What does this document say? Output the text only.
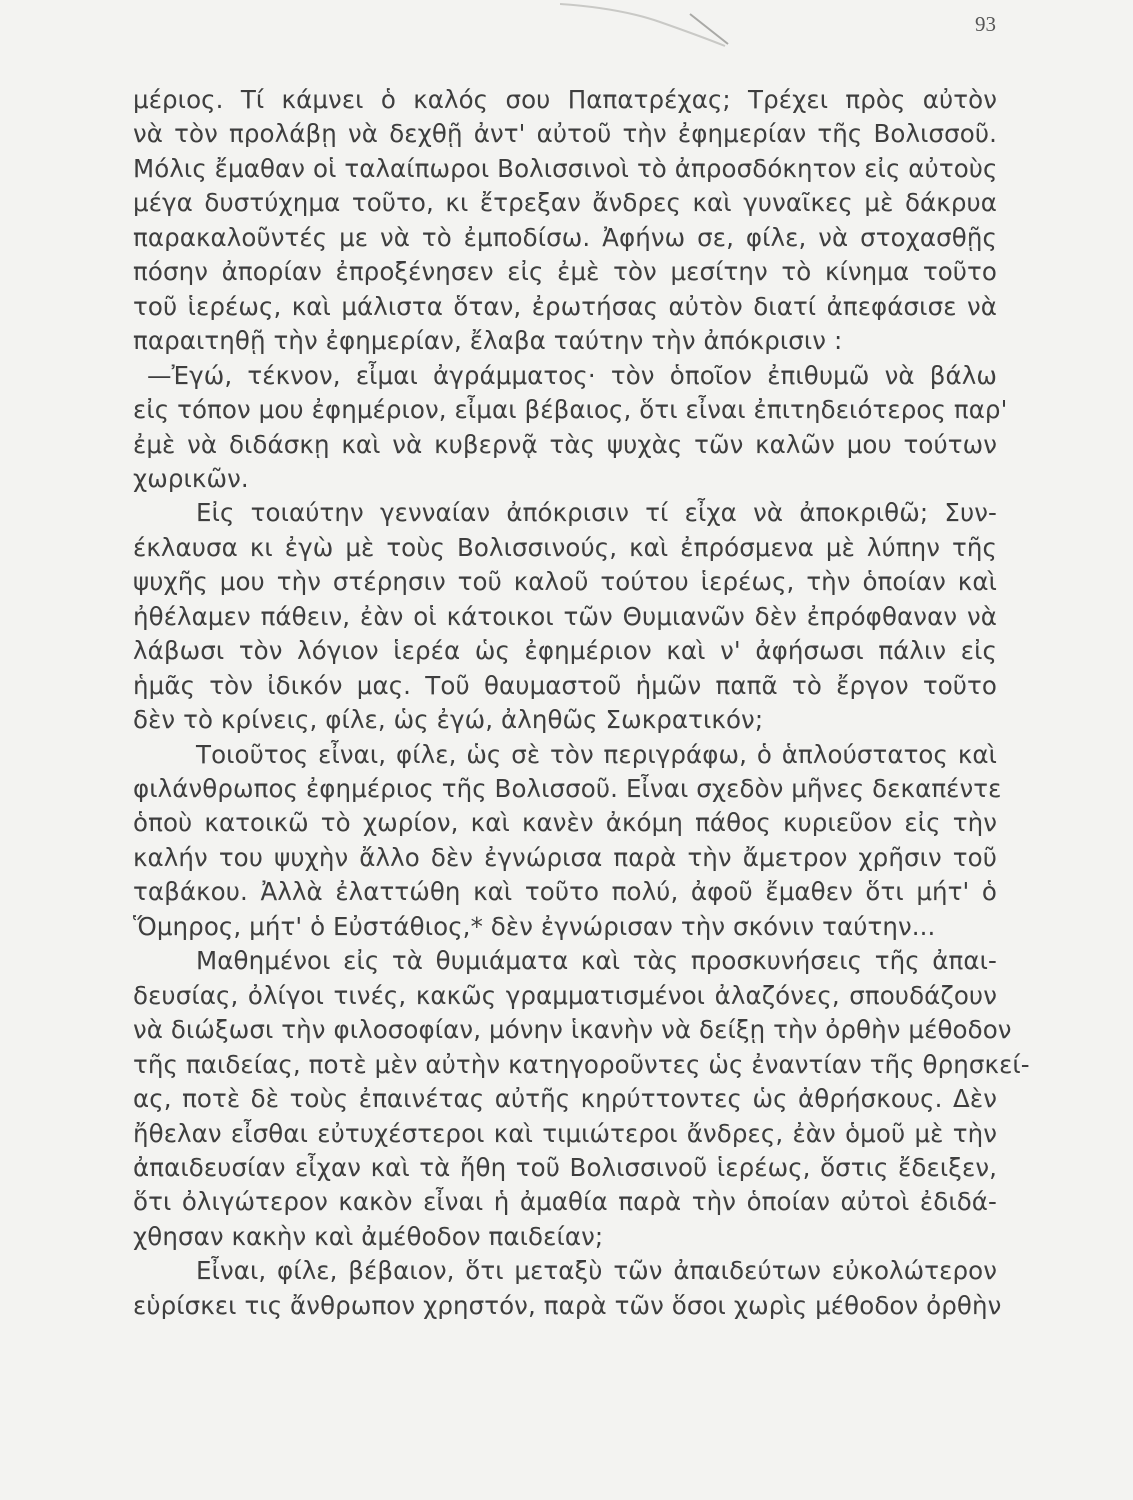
93
μέριος. Τί κάμνει ὁ καλός σου Παπατρέχας; Τρέχει πρὸς αὐτὸν
νὰ τὸν προλάβῃ νὰ δεχθῇ ἀντ' αὐτοῦ τὴν ἐφημερίαν τῆς Βολισσοῦ.
Μόλις ἔμαθαν οἱ ταλαίπωροι Βολισσινοὶ τὸ ἀπροσδόκητον εἰς αὐτοὺς
μέγα δυστύχημα τοῦτο, κι ἔτρεξαν ἄνδρες καὶ γυναῖκες μὲ δάκρυα
παρακαλοῦντές με νὰ τὸ ἐμποδίσω. Ἀφήνω σε, φίλε, νὰ στοχασθῇς
πόσην ἀπορίαν ἐπροξένησεν εἰς ἐμὲ τὸν μεσίτην τὸ κίνημα τοῦτο
τοῦ ἱερέως, καὶ μάλιστα ὅταν, ἐρωτήσας αὐτὸν διατί ἀπεφάσισε νὰ
παραιτηθῇ τὴν ἐφημερίαν, ἔλαβα ταύτην τὴν ἀπόκρισιν :
—Ἐγώ, τέκνον, εἶμαι ἀγράμματος· τὸν ὁποῖον ἐπιθυμῶ νὰ βάλω
εἰς τόπον μου ἐφημέριον, εἶμαι βέβαιος, ὅτι εἶναι ἐπιτηδειότερος παρ'
ἐμὲ νὰ διδάσκῃ καὶ νὰ κυβερνᾷ τὰς ψυχὰς τῶν καλῶν μου τούτων
χωρικῶν.
Εἰς τοιαύτην γενναίαν ἀπόκρισιν τί εἶχα νὰ ἀποκριθῶ; Συν-
έκλαυσα κι ἐγὼ μὲ τοὺς Βολισσινούς, καὶ ἐπρόσμενα μὲ λύπην τῆς
ψυχῆς μου τὴν στέρησιν τοῦ καλοῦ τούτου ἱερέως, τὴν ὁποίαν καὶ
ἠθέλαμεν πάθειν, ἐὰν οἱ κάτοικοι τῶν Θυμιανῶν δὲν ἐπρόφθαναν νὰ
λάβωσι τὸν λόγιον ἱερέα ὡς ἐφημέριον καὶ ν' ἀφήσωσι πάλιν εἰς
ἡμᾶς τὸν ἰδικόν μας. Τοῦ θαυμαστοῦ ἡμῶν παπᾶ τὸ ἔργον τοῦτο
δὲν τὸ κρίνεις, φίλε, ὡς ἐγώ, ἀληθῶς Σωκρατικόν;
Τοιοῦτος εἶναι, φίλε, ὡς σὲ τὸν περιγράφω, ὁ ἁπλούστατος καὶ
φιλάνθρωπος ἐφημέριος τῆς Βολισσοῦ. Εἶναι σχεδὸν μῆνες δεκαπέντε
ὁποὺ κατοικῶ τὸ χωρίον, καὶ κανὲν ἀκόμη πάθος κυριεῦον εἰς τὴν
καλήν του ψυχὴν ἄλλο δὲν ἐγνώρισα παρὰ τὴν ἄμετρον χρῆσιν τοῦ
ταβάκου. Ἀλλὰ ἐλαττώθη καὶ τοῦτο πολύ, ἀφοῦ ἔμαθεν ὅτι μήτ' ὁ
Ὅμηρος, μήτ' ὁ Εὐστάθιος,* δὲν ἐγνώρισαν τὴν σκόνιν ταύτην...
Μαθημένοι εἰς τὰ θυμιάματα καὶ τὰς προσκυνήσεις τῆς ἀπαι-
δευσίας, ὀλίγοι τινές, κακῶς γραμματισμένοι ἀλαζόνες, σπουδάζουν
νὰ διώξωσι τὴν φιλοσοφίαν, μόνην ἱκανὴν νὰ δείξῃ τὴν ὀρθὴν μέθοδον
τῆς παιδείας, ποτὲ μὲν αὐτὴν κατηγοροῦντες ὡς ἐναντίαν τῆς θρησκεί-
ας, ποτὲ δὲ τοὺς ἐπαινέτας αὐτῆς κηρύττοντες ὡς ἀθρήσκους. Δὲν
ἤθελαν εἶσθαι εὐτυχέστεροι καὶ τιμιώτεροι ἄνδρες, ἐὰν ὁμοῦ μὲ τὴν
ἀπαιδευσίαν εἶχαν καὶ τὰ ἤθη τοῦ Βολισσινοῦ ἱερέως, ὅστις ἔδειξεν,
ὅτι ὀλιγώτερον κακὸν εἶναι ἡ ἀμαθία παρὰ τὴν ὁποίαν αὐτοὶ ἐδιδά-
χθησαν κακὴν καὶ ἀμέθοδον παιδείαν;
Εἶναι, φίλε, βέβαιον, ὅτι μεταξὺ τῶν ἀπαιδεύτων εὐκολώτερον
εὑρίσκει τις ἄνθρωπον χρηστόν, παρὰ τῶν ὅσοι χωρὶς μέθοδον ὀρθὴν
